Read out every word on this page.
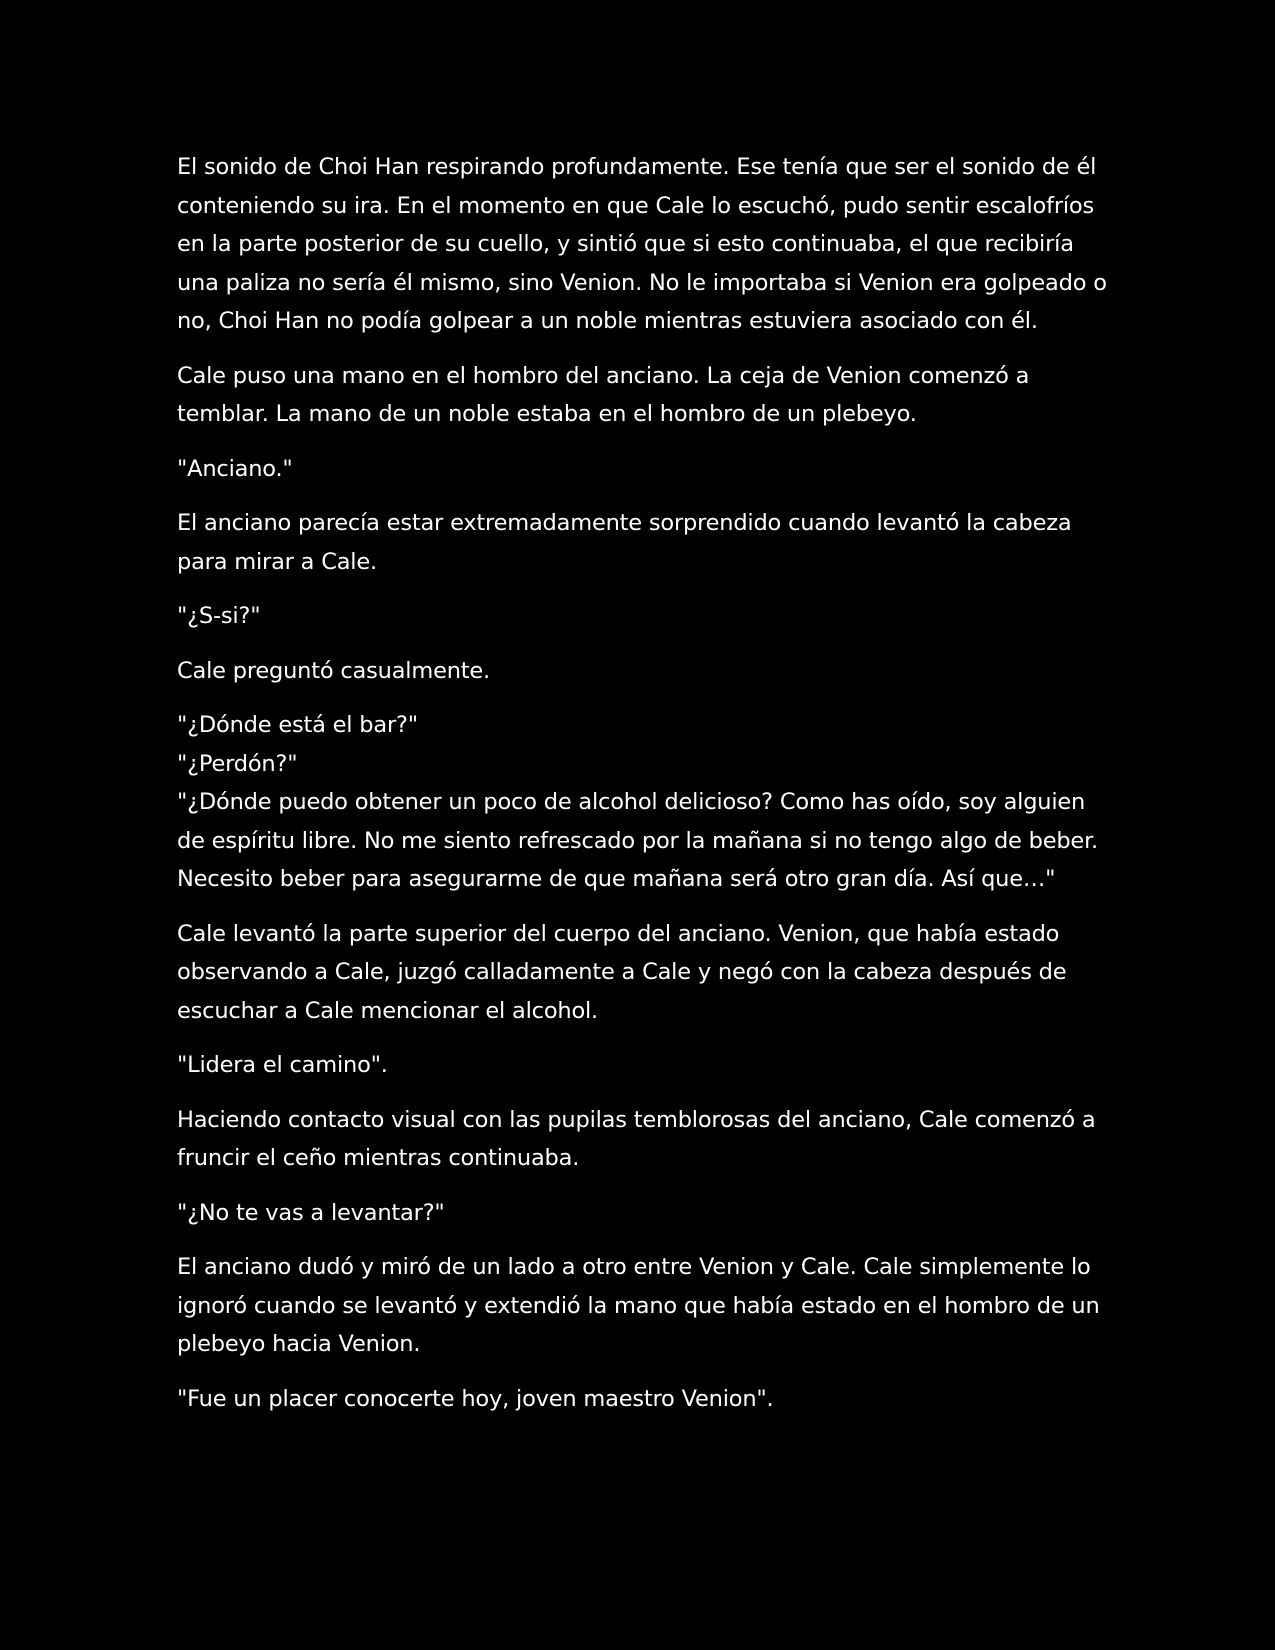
El sonido de Choi Han respirando profundamente. Ese tenía que ser el sonido de él conteniendo su ira. En el momento en que Cale lo escuchó, pudo sentir escalofríos en la parte posterior de su cuello, y sintió que si esto continuaba, el que recibiría una paliza no sería él mismo, sino Venion. No le importaba si Venion era golpeado o no, Choi Han no podía golpear a un noble mientras estuviera asociado con él.

Cale puso una mano en el hombro del anciano. La ceja de Venion comenzó a temblar. La mano de un noble estaba en el hombro de un plebeyo.

"Anciano."

El anciano parecía estar extremadamente sorprendido cuando levantó la cabeza para mirar a Cale.

"¿S-si?"

Cale preguntó casualmente.

"¿Dónde está el bar?"

"¿Perdón?"

"¿Dónde puedo obtener un poco de alcohol delicioso? Como has oído, soy alguien de espíritu libre. No me siento refrescado por la mañana si no tengo algo de beber. Necesito beber para asegurarme de que mañana será otro gran día. Así que…"

Cale levantó la parte superior del cuerpo del anciano. Venion, que había estado observando a Cale, juzgó calladamente a Cale y negó con la cabeza después de escuchar a Cale mencionar el alcohol.

"Lidera el camino".

Haciendo contacto visual con las pupilas temblorosas del anciano, Cale comenzó a fruncir el ceño mientras continuaba.

"¿No te vas a levantar?"

El anciano dudó y miró de un lado a otro entre Venion y Cale. Cale simplemente lo ignoró cuando se levantó y extendió la mano que había estado en el hombro de un plebeyo hacia Venion.

"Fue un placer conocerte hoy, joven maestro Venion".
